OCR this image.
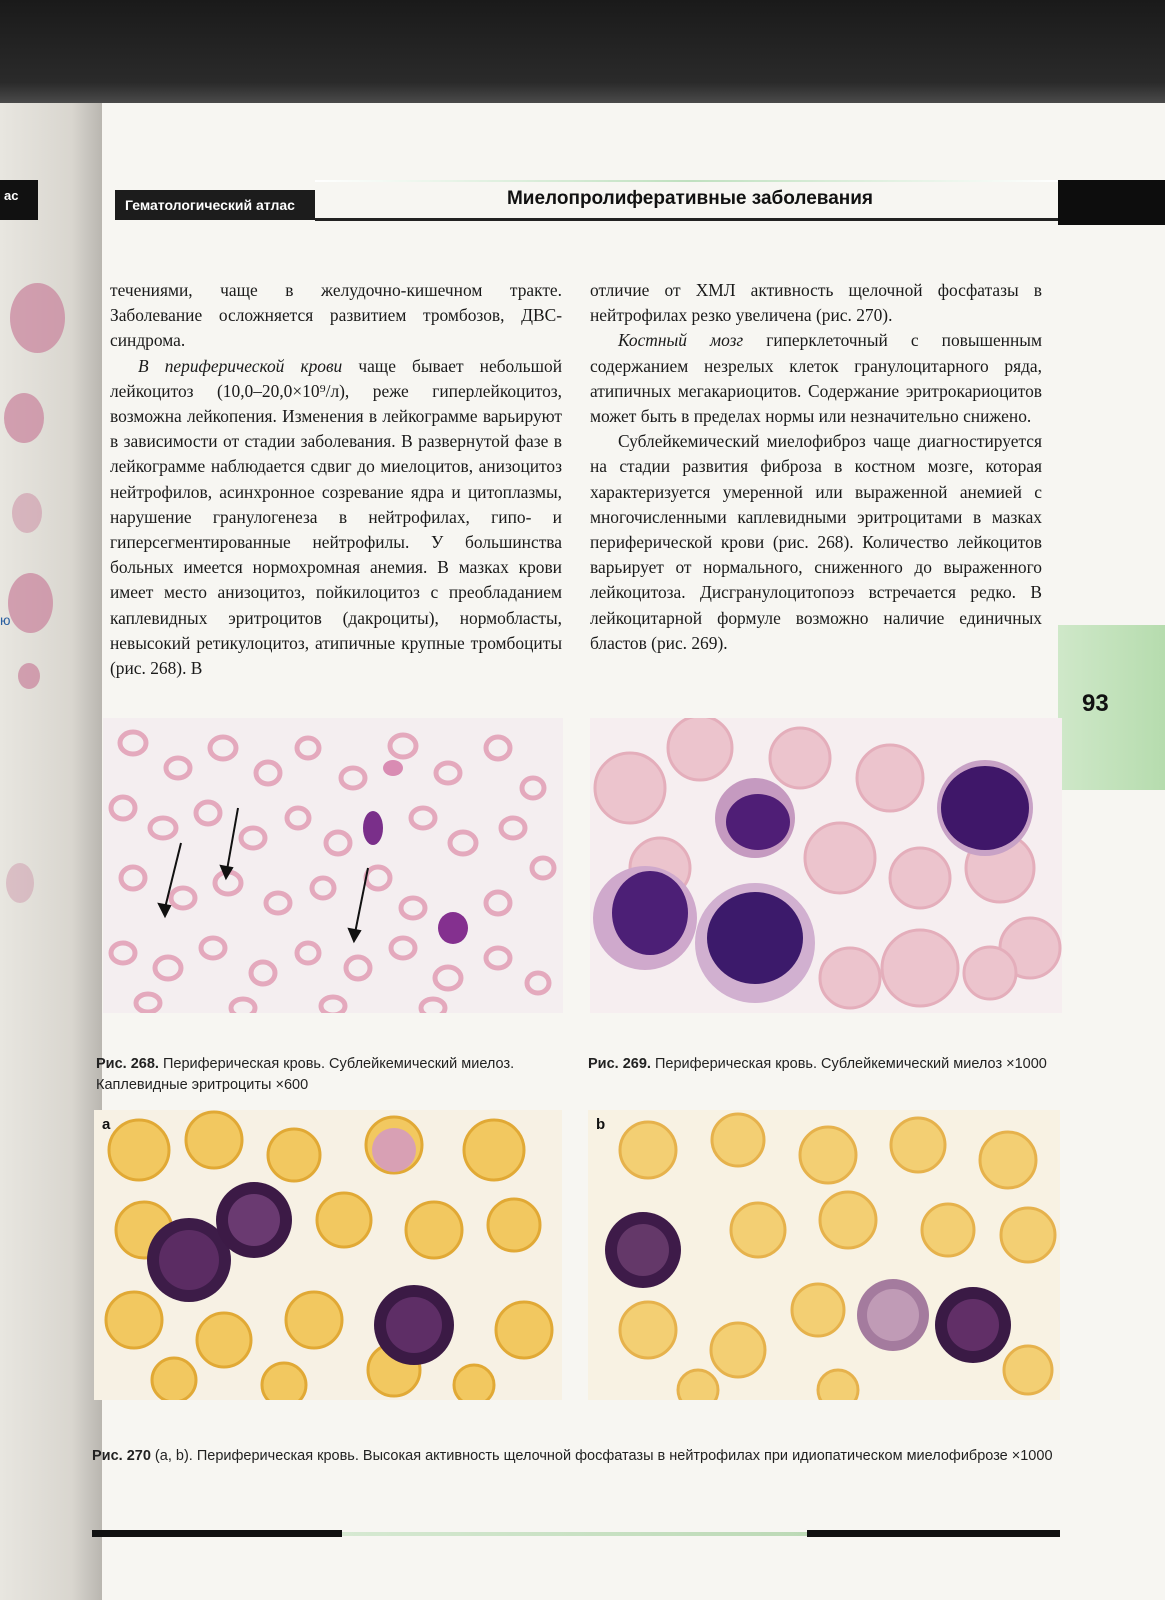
ас
ю
Гематологический атлас	Миелопролиферативные заболевания
93

течениями, чаще в желудочно-кишечном тракте. Заболевание осложняется развитием тромбозов, ДВС-синдрома.

В периферической крови чаще бывает небольшой лейкоцитоз (10,0–20,0×10⁹/л), реже гиперлейкоцитоз, возможна лейкопения. Изменения в лейкограмме варьируют в зависимости от стадии заболевания. В развернутой фазе в лейкограмме наблюдается сдвиг до миелоцитов, анизоцитоз нейтрофилов, асинхронное созревание ядра и цитоплазмы, нарушение гранулогенеза в нейтрофилах, гипо- и гиперсегментированные нейтрофилы. У большинства больных имеется нормохромная анемия. В мазках крови имеет место анизоцитоз, пойкилоцитоз с преобладанием каплевидных эритроцитов (дакроциты), нормобласты, невысокий ретикулоцитоз, атипичные крупные тромбоциты (рис. 268). В

отличие от ХМЛ активность щелочной фосфатазы в нейтрофилах резко увеличена (рис. 270).

Костный мозг гиперклеточный с повышенным содержанием незрелых клеток гранулоцитарного ряда, атипичных мегакариоцитов. Содержание эритрокариоцитов может быть в пределах нормы или незначительно снижено.

Сублейкемический миелофиброз чаще диагностируется на стадии развития фиброза в костном мозге, которая характеризуется умеренной или выраженной анемией с многочисленными каплевидными эритроцитами в мазках периферической крови (рис. 268). Количество лейкоцитов варьирует от нормального, сниженного до выраженного лейкоцитоза. Дисгранулоцитопоэз встречается редко. В лейкоцитарной формуле возможно наличие единичных бластов (рис. 269).

Рис. 268. Периферическая кровь. Сублейкемический миелоз. Каплевидные эритроциты ×600
Рис. 269. Периферическая кровь. Сублейкемический миелоз ×1000
a	b
Рис. 270 (a, b). Периферическая кровь. Высокая активность щелочной фосфатазы в нейтрофилах при идиопатическом миелофиброзе ×1000
